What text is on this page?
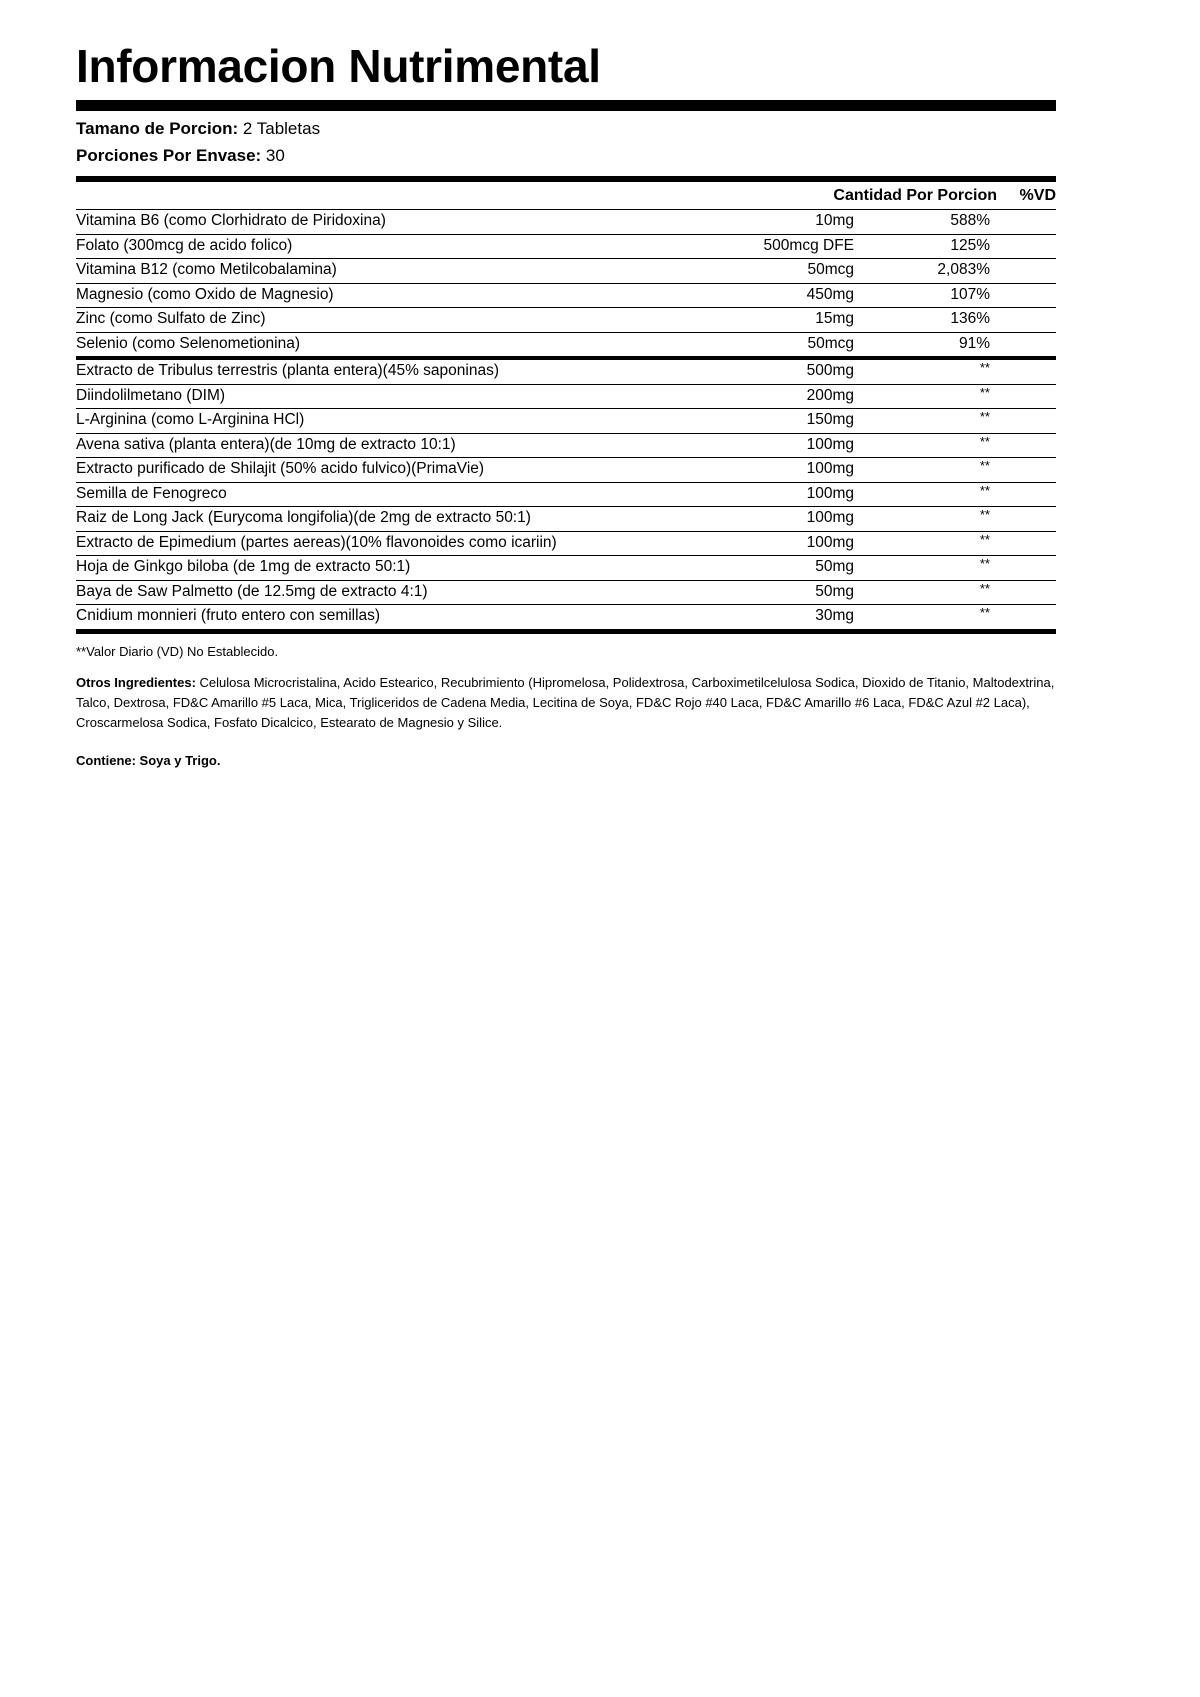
Informacion Nutrimental
Tamano de Porcion: 2 Tabletas
Porciones Por Envase: 30
Cantidad Por Porcion %VD
Vitamina B6 (como Clorhidrato de Piridoxina)	10mg	588%
Folato (300mcg de acido folico)	500mcg DFE	125%
Vitamina B12 (como Metilcobalamina)	50mcg	2,083%
Magnesio (como Oxido de Magnesio)	450mg	107%
Zinc (como Sulfato de Zinc)	15mg	136%
Selenio (como Selenometionina)	50mcg	91%
Extracto de Tribulus terrestris (planta entera)(45% saponinas)	500mg	**
Diindolilmetano (DIM)	200mg	**
L-Arginina (como L-Arginina HCl)	150mg	**
Avena sativa (planta entera)(de 10mg de extracto 10:1)	100mg	**
Extracto purificado de Shilajit (50% acido fulvico)(PrimaVie)	100mg	**
Semilla de Fenogreco	100mg	**
Raiz de Long Jack (Eurycoma longifolia)(de 2mg de extracto 50:1)	100mg	**
Extracto de Epimedium (partes aereas)(10% flavonoides como icariin)	100mg	**
Hoja de Ginkgo biloba (de 1mg de extracto 50:1)	50mg	**
Baya de Saw Palmetto (de 12.5mg de extracto 4:1)	50mg	**
Cnidium monnieri (fruto entero con semillas)	30mg	**
**Valor Diario (VD) No Establecido.
Otros Ingredientes: Celulosa Microcristalina, Acido Estearico, Recubrimiento (Hipromelosa, Polidextrosa, Carboximetilcelulosa Sodica, Dioxido de Titanio, Maltodextrina, Talco, Dextrosa, FD&C Amarillo #5 Laca, Mica, Trigliceridos de Cadena Media, Lecitina de Soya, FD&C Rojo #40 Laca, FD&C Amarillo #6 Laca, FD&C Azul #2 Laca), Croscarmelosa Sodica, Fosfato Dicalcico, Estearato de Magnesio y Silice.
Contiene: Soya y Trigo.
